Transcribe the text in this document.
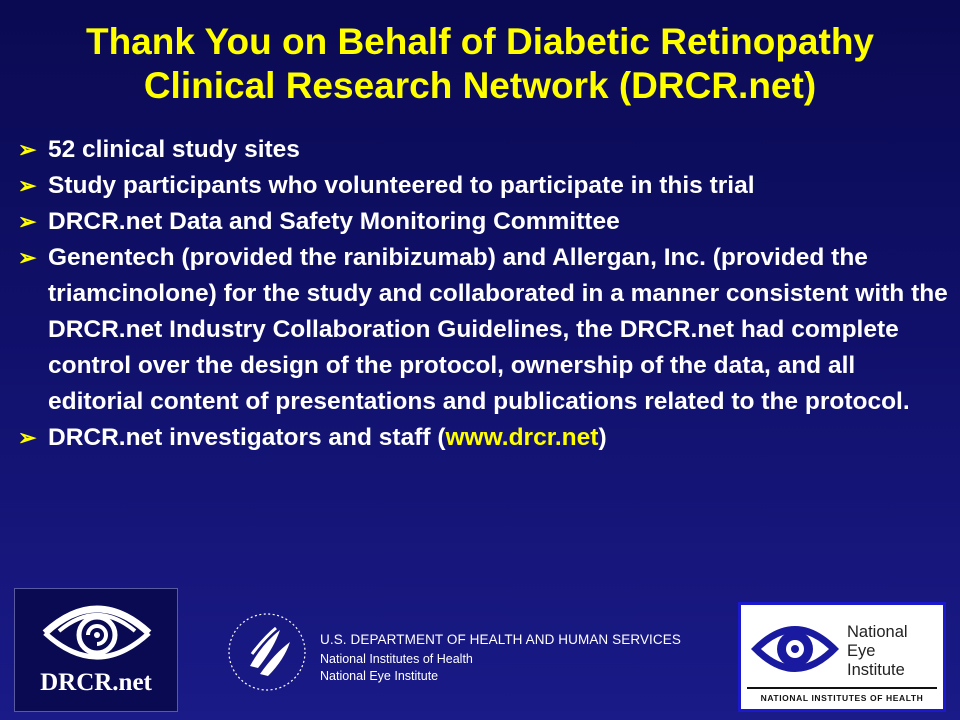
Thank You on Behalf of Diabetic Retinopathy
Clinical Research Network (DRCR.net)
➢ 52 clinical study sites
➢ Study participants who volunteered to participate in this trial
➢ DRCR.net Data and Safety Monitoring Committee
➢ Genentech (provided the ranibizumab) and Allergan, Inc. (provided the triamcinolone) for the study and collaborated in a manner consistent with the DRCR.net Industry Collaboration Guidelines, the DRCR.net had complete control over the design of the protocol, ownership of the data, and all editorial content of presentations and publications related to the protocol.
➢ DRCR.net investigators and staff (www.drcr.net)
DRCR.net
U.S. DEPARTMENT OF HEALTH AND HUMAN SERVICES
National Institutes of Health
National Eye Institute
National
Eye
Institute
NATIONAL INSTITUTES OF HEALTH
